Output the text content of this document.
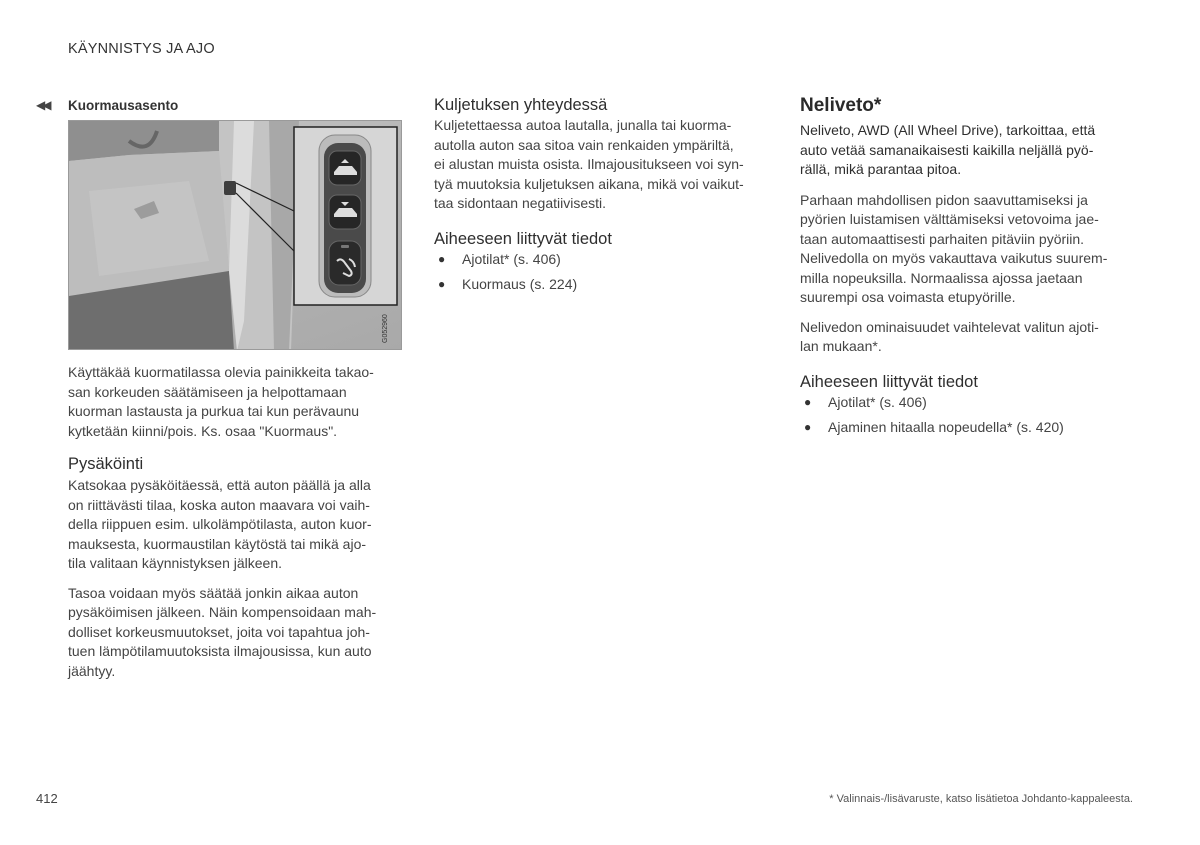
KÄYNNISTYS JA AJO
◀◀ Kuormausasento
G052960

Käyttäkää kuormatilassa olevia painikkeita takao-

san korkeuden säätämiseen ja helpottamaan

kuorman lastausta ja purkua tai kun perävaunu

kytketään kiinni/pois. Ks. osaa "Kuormaus".

Pysäköinti

Katsokaa pysäköitäessä, että auton päällä ja alla

on riittävästi tilaa, koska auton maavara voi vaih-

della riippuen esim. ulkolämpötilasta, auton kuor-

mauksesta, kuormaustilan käytöstä tai mikä ajo-

tila valitaan käynnistyksen jälkeen.

Tasoa voidaan myös säätää jonkin aikaa auton

pysäköimisen jälkeen. Näin kompensoidaan mah-

dolliset korkeusmuutokset, joita voi tapahtua joh-

tuen lämpötilamuutoksista ilmajousissa, kun auto

jäähtyy.

Kuljetuksen yhteydessä

Kuljetettaessa autoa lautalla, junalla tai kuorma-

autolla auton saa sitoa vain renkaiden ympäriltä,

ei alustan muista osista. Ilmajousitukseen voi syn-

tyä muutoksia kuljetuksen aikana, mikä voi vaikut-

taa sidontaan negatiivisesti.

Aiheeseen liittyvät tiedot
● Ajotilat* (s. 406)
● Kuormaus (s. 224)
Neliveto*

Neliveto, AWD (All Wheel Drive), tarkoittaa, että

auto vetää samanaikaisesti kaikilla neljällä pyö-

rällä, mikä parantaa pitoa.

Parhaan mahdollisen pidon saavuttamiseksi ja

pyörien luistamisen välttämiseksi vetovoima jae-

taan automaattisesti parhaiten pitäviin pyöriin.

Nelivedolla on myös vakauttava vaikutus suurem-

milla nopeuksilla. Normaalissa ajossa jaetaan

suurempi osa voimasta etupyörille.

Nelivedon ominaisuudet vaihtelevat valitun ajoti-

lan mukaan*.

Aiheeseen liittyvät tiedot
● Ajotilat* (s. 406)
● Ajaminen hitaalla nopeudella* (s. 420)
412	* Valinnais-/lisävaruste, katso lisätietoa Johdanto-kappaleesta.
